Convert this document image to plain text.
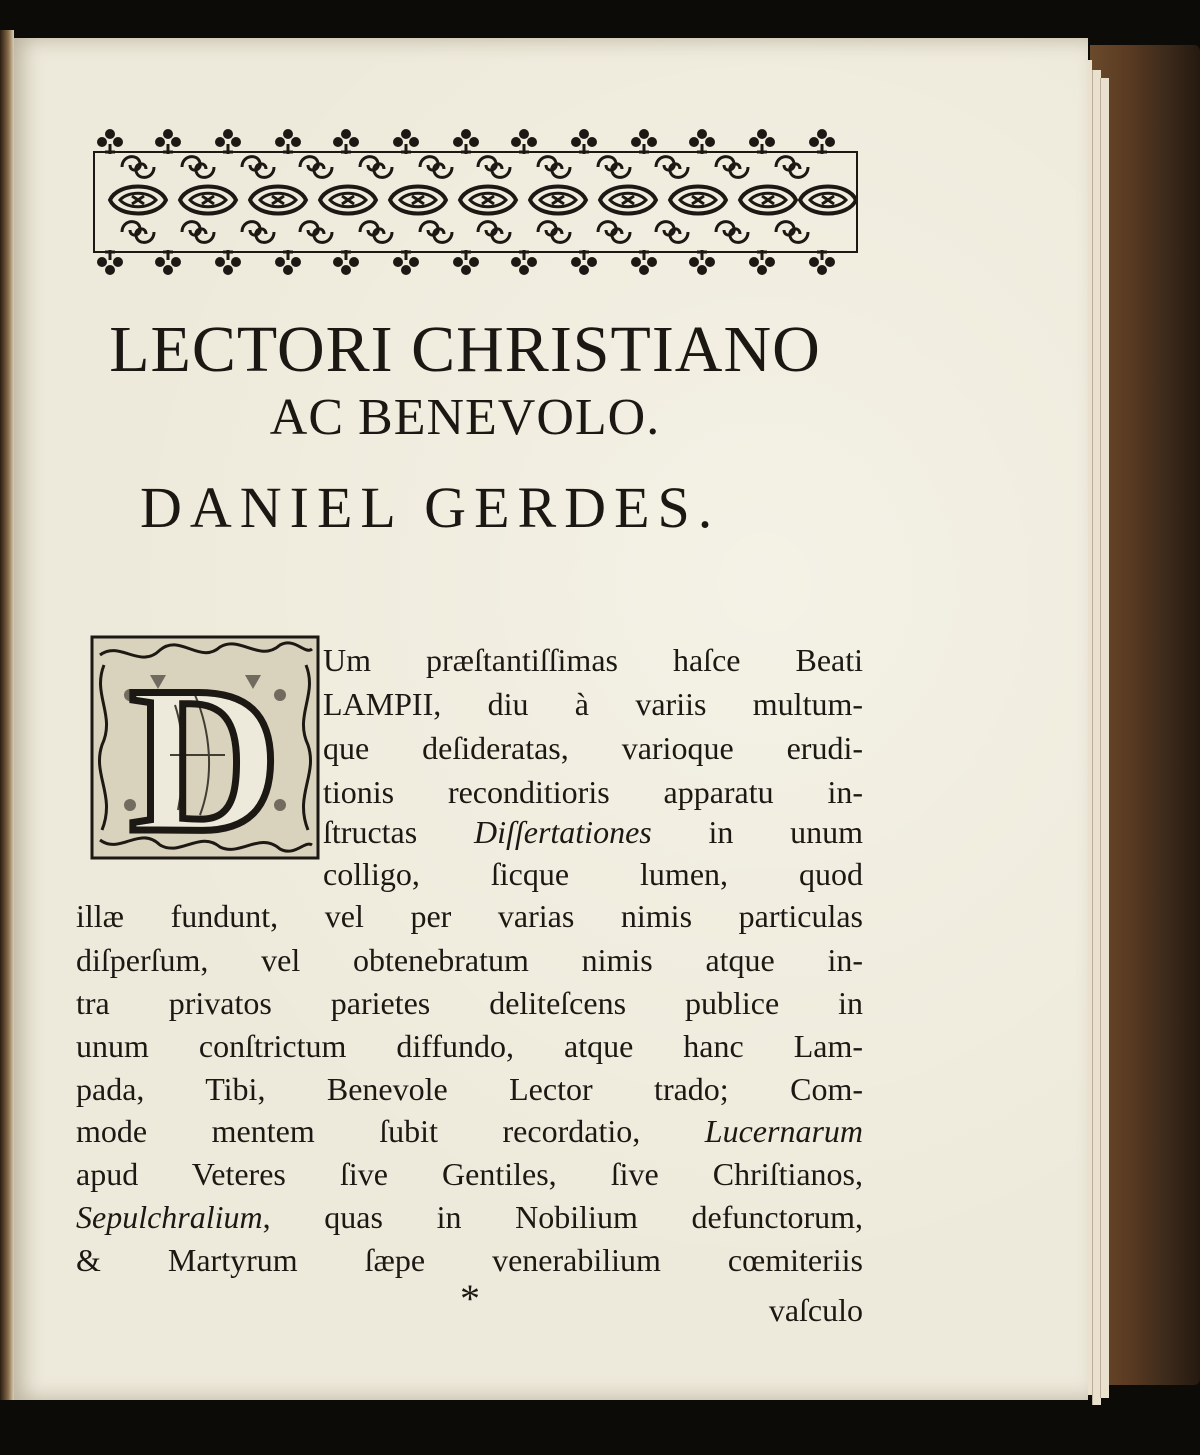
LECTORI CHRISTIANO
AC BENEVOLO.
DANIEL GERDES.
D Um præſtantiſſimas haſce Beati
LAMPII, diu à variis multum-
que deſideratas, varioque erudi-
tionis reconditioris apparatu in-
ſtructas Diſſertationes in unum
colligo, ſicque lumen, quod
illæ fundunt, vel per varias nimis particulas
diſperſum, vel obtenebratum nimis atque in-
tra privatos parietes deliteſcens publice in
unum conſtrictum diffundo, atque hanc Lam-
pada, Tibi, Benevole Lector trado; Com-
mode mentem ſubit recordatio, Lucernarum
apud Veteres ſive Gentiles, ſive Chriſtianos,
Sepulchralium, quas in Nobilium defunctorum,
& Martyrum ſæpe venerabilium cœmiteriis
*	vaſculo
